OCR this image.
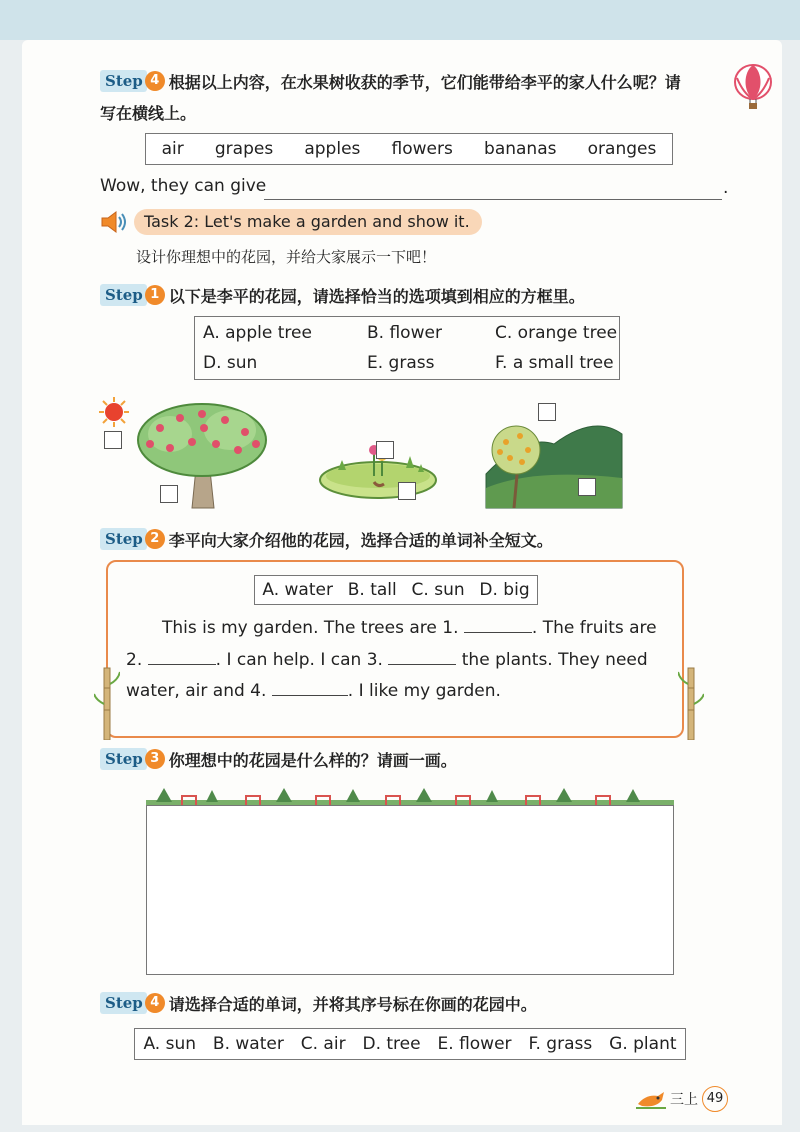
Step 4 根据以上内容，在水果树收获的季节，它们能带给李平的家人什么呢？请
写在横线上。
air grapes apples flowers bananas oranges
Wow, they can give	.
Task 2: Let's make a garden and show it.
设计你理想中的花园，并给大家展示一下吧！
Step 1 以下是李平的花园，请选择恰当的选项填到相应的方框里。
A. apple tree	B. flower	C. orange tree
D. sun	E. grass	F. a small tree
Step 2 李平向大家介绍他的花园，选择合适的单词补全短文。
A. water B. tall C. sun D. big
This is my garden. The trees are 1.	. The fruits are
2.	. I can help. I can 3.	the plants. They need
water, air and 4.	. I like my garden.
Step 3 你理想中的花园是什么样的？请画一画。
Step 4 请选择合适的单词，并将其序号标在你画的花园中。
A. sun B. water C. air D. tree E. flower F. grass G. plant
三上 49
